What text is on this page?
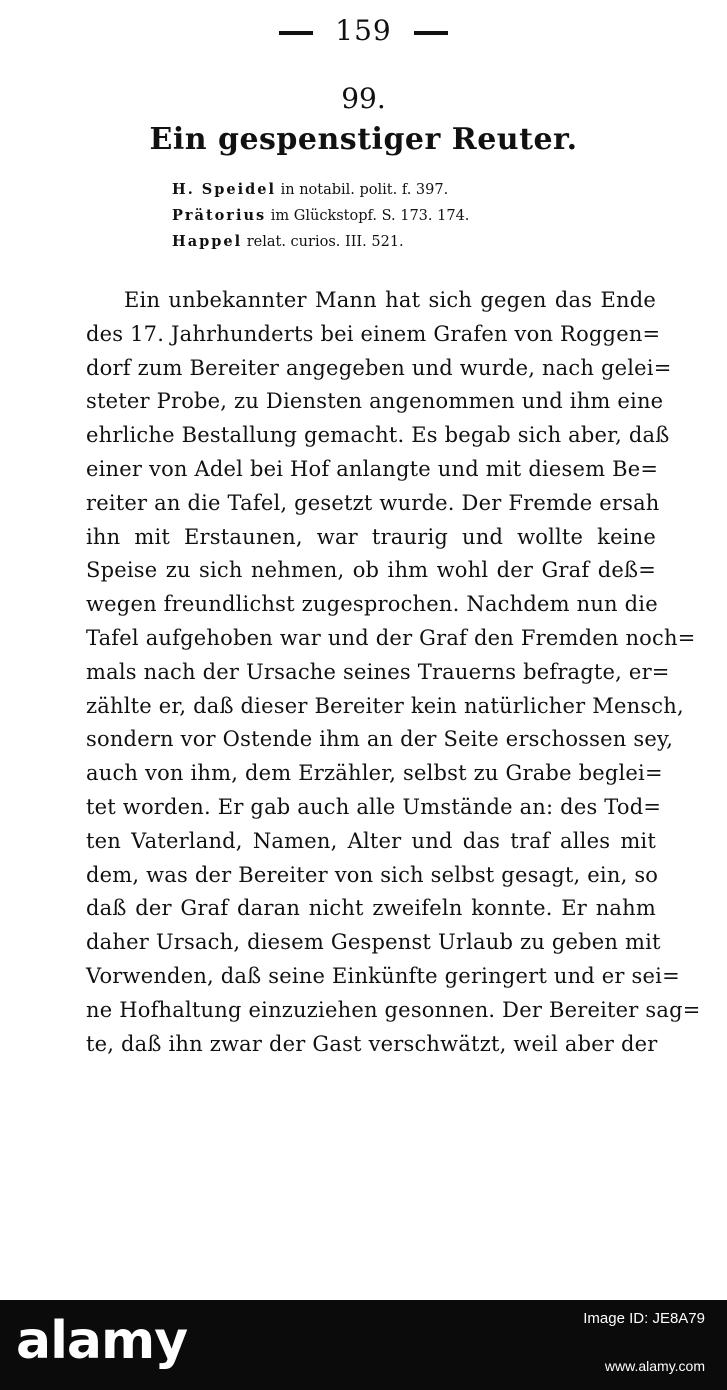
159
99.
Ein gespenstiger Reuter.
H. Speidel in notabil. polit. f. 397.
Prätorius im Glückstopf. S. 173. 174.
Happel relat. curios. III. 521.
Ein unbekannter Mann hat sich gegen das Ende
des 17. Jahrhunderts bei einem Grafen von Roggen=
dorf zum Bereiter angegeben und wurde, nach gelei=
steter Probe, zu Diensten angenommen und ihm eine
ehrliche Bestallung gemacht. Es begab sich aber, daß
einer von Adel bei Hof anlangte und mit diesem Be=
reiter an die Tafel, gesetzt wurde. Der Fremde ersah
ihn mit Erstaunen, war traurig und wollte keine
Speise zu sich nehmen, ob ihm wohl der Graf deß=
wegen freundlichst zugesprochen. Nachdem nun die
Tafel aufgehoben war und der Graf den Fremden noch=
mals nach der Ursache seines Trauerns befragte, er=
zählte er, daß dieser Bereiter kein natürlicher Mensch,
sondern vor Ostende ihm an der Seite erschossen sey,
auch von ihm, dem Erzähler, selbst zu Grabe beglei=
tet worden. Er gab auch alle Umstände an: des Tod=
ten Vaterland, Namen, Alter und das traf alles mit
dem, was der Bereiter von sich selbst gesagt, ein, so
daß der Graf daran nicht zweifeln konnte. Er nahm
daher Ursach, diesem Gespenst Urlaub zu geben mit
Vorwenden, daß seine Einkünfte geringert und er sei=
ne Hofhaltung einzuziehen gesonnen. Der Bereiter sag=
te, daß ihn zwar der Gast verschwätzt, weil aber der
alamy	Image ID: JE8A79
www.alamy.com
